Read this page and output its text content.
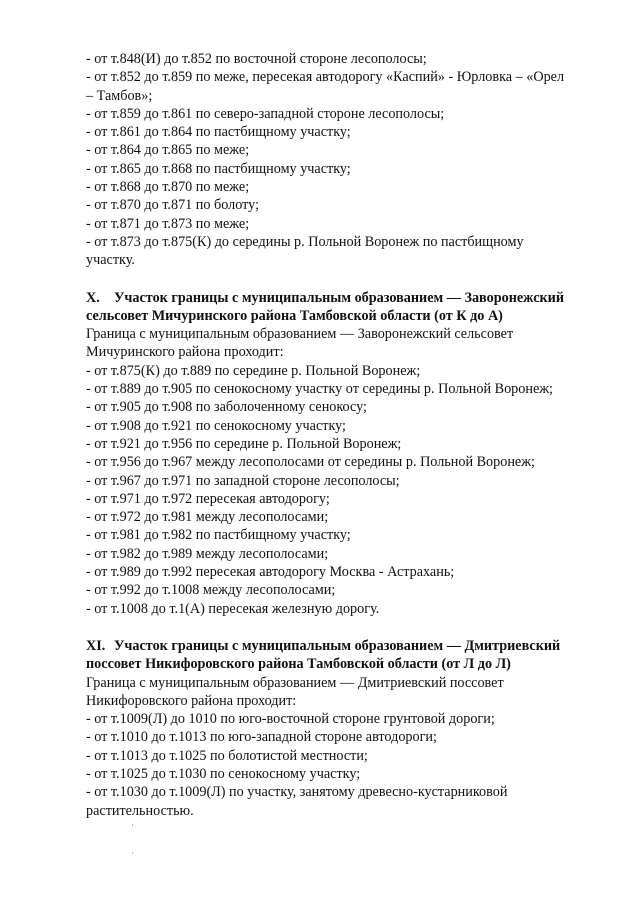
- от т.848(И) до т.852 по восточной стороне лесополосы;
- от т.852 до т.859 по меже, пересекая автодорогу «Каспий» - Юрловка – «Орел
– Тамбов»;
- от т.859 до т.861 по северо-западной стороне лесополосы;
- от т.861 до т.864 по пастбищному участку;
- от т.864 до т.865 по меже;
- от т.865 до т.868 по пастбищному участку;
- от т.868 до т.870 по меже;
- от т.870 до т.871 по болоту;
- от т.871 до т.873 по меже;
- от т.873 до т.875(К) до середины р. Польной Воронеж по пастбищному
участку.
X. Участок границы с муниципальным образованием — Заворонежский
сельсовет Мичуринского района Тамбовской области (от К до А)
Граница с муниципальным образованием — Заворонежский сельсовет
Мичуринского района проходит:
- от т.875(К) до т.889 по середине р. Польной Воронеж;
- от т.889 до т.905 по сенокосному участку от середины р. Польной Воронеж;
- от т.905 до т.908 по заболоченному сенокосу;
- от т.908 до т.921 по сенокосному участку;
- от т.921 до т.956 по середине р. Польной Воронеж;
- от т.956 до т.967 между лесополосами от середины р. Польной Воронеж;
- от т.967 до т.971 по западной стороне лесополосы;
- от т.971 до т.972 пересекая автодорогу;
- от т.972 до т.981 между лесополосами;
- от т.981 до т.982 по пастбищному участку;
- от т.982 до т.989 между лесополосами;
- от т.989 до т.992 пересекая автодорогу Москва - Астрахань;
- от т.992 до т.1008 между лесополосами;
- от т.1008 до т.1(А) пересекая железную дорогу.
XI. Участок границы с муниципальным образованием — Дмитриевский
поссовет Никифоровского района Тамбовской области (от Л до Л)
Граница с муниципальным образованием — Дмитриевский поссовет
Никифоровского района проходит:
- от т.1009(Л) до 1010 по юго-восточной стороне грунтовой дороги;
- от т.1010 до т.1013 по юго-западной стороне автодороги;
- от т.1013 до т.1025 по болотистой местности;
- от т.1025 до т.1030 по сенокосному участку;
- от т.1030 до т.1009(Л) по участку, занятому древесно-кустарниковой
растительностью.
